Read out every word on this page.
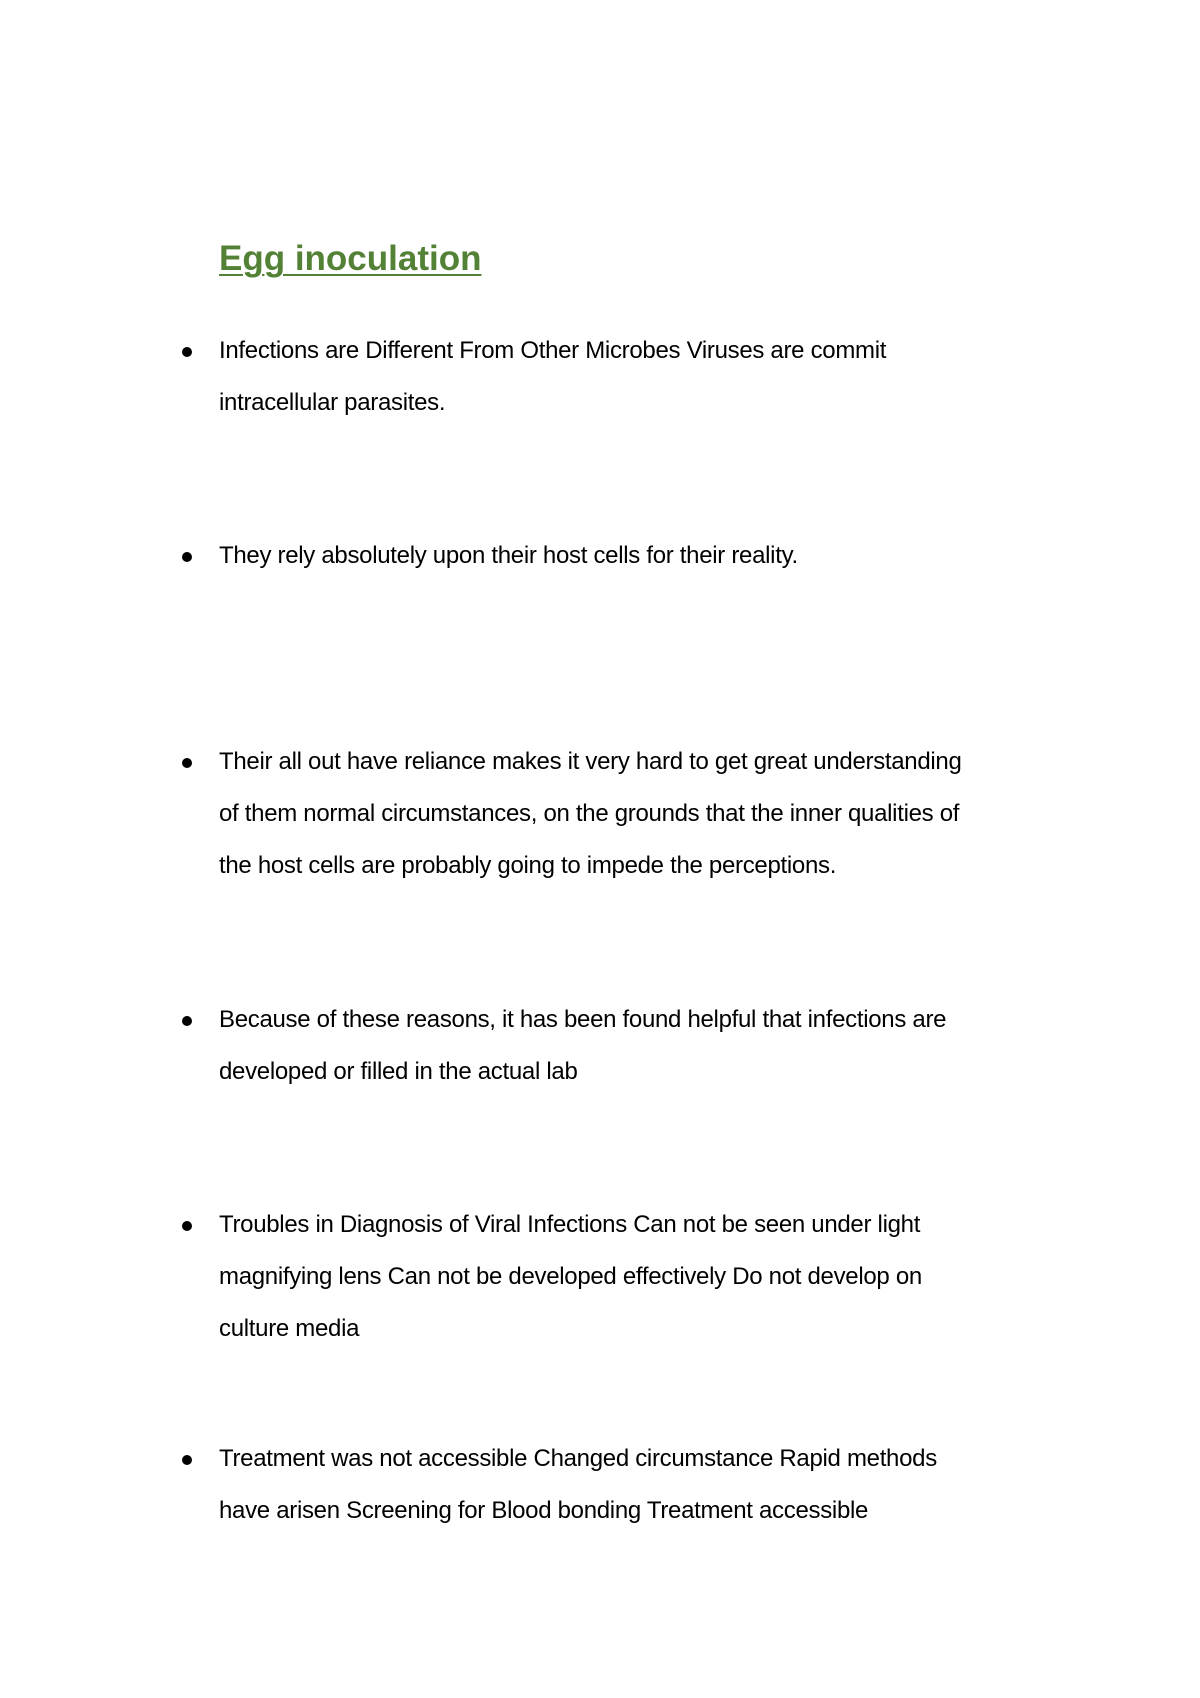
Egg inoculation

Infections are Different From Other Microbes Viruses are commit

intracellular parasites.

They rely absolutely upon their host cells for their reality.

Their all out have reliance makes it very hard to get great understanding

of them normal circumstances, on the grounds that the inner qualities of

the host cells are probably going to impede the perceptions.

Because of these reasons, it has been found helpful that infections are

developed or filled in the actual lab

Troubles in Diagnosis of Viral Infections Can not be seen under light

magnifying lens Can not be developed effectively Do not develop on

culture media

Treatment was not accessible Changed circumstance Rapid methods

have arisen Screening for Blood bonding Treatment accessible
